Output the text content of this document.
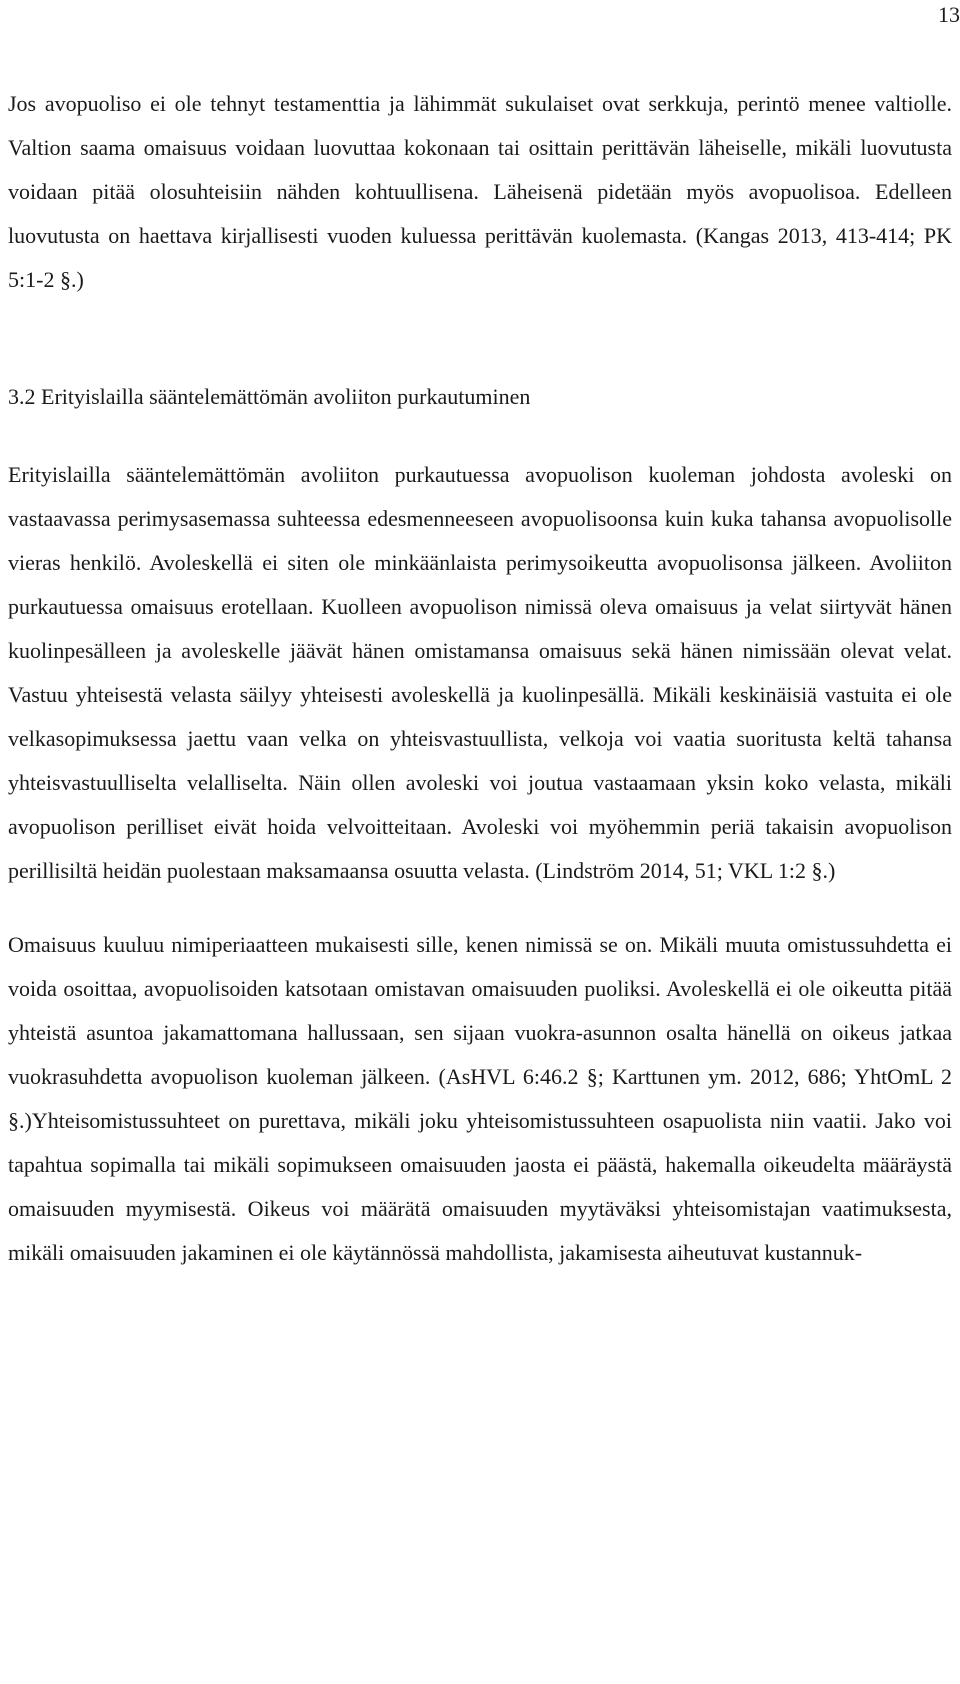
13

Jos avopuoliso ei ole tehnyt testamenttia ja lähimmät sukulaiset ovat serkkuja, perintö menee valtiolle. Valtion saama omaisuus voidaan luovuttaa kokonaan tai osittain perittävän läheiselle, mikäli luovutusta voidaan pitää olosuhteisiin nähden kohtuullisena. Läheisenä pidetään myös avopuolisoa. Edelleen luovutusta on haettava kirjallisesti vuoden kuluessa perittävän kuolemasta. (Kangas 2013, 413-414; PK 5:1-2 §.)

3.2 Erityislailla sääntelemättömän avoliiton purkautuminen

Erityislailla sääntelemättömän avoliiton purkautuessa avopuolison kuoleman johdosta avoleski on vastaavassa perimysasemassa suhteessa edesmenneeseen avopuolisoonsa kuin kuka tahansa avopuolisolle vieras henkilö. Avoleskellä ei siten ole minkäänlaista perimysoikeutta avopuolisonsa jälkeen. Avoliiton purkautuessa omaisuus erotellaan. Kuolleen avopuolison nimissä oleva omaisuus ja velat siirtyvät hänen kuolinpesälleen ja avoleskelle jäävät hänen omistamansa omaisuus sekä hänen nimissään olevat velat. Vastuu yhteisestä velasta säilyy yhteisesti avoleskellä ja kuolinpesällä. Mikäli keskinäisiä vastuita ei ole velkasopimuksessa jaettu vaan velka on yhteisvastuullista, velkoja voi vaatia suoritusta keltä tahansa yhteisvastuulliselta velalliselta. Näin ollen avoleski voi joutua vastaamaan yksin koko velasta, mikäli avopuolison perilliset eivät hoida velvoitteitaan. Avoleski voi myöhemmin periä takaisin avopuolison perillisiltä heidän puolestaan maksamaansa osuutta velasta. (Lindström 2014, 51; VKL 1:2 §.)

Omaisuus kuuluu nimiperiaatteen mukaisesti sille, kenen nimissä se on. Mikäli muuta omistussuhdetta ei voida osoittaa, avopuolisoiden katsotaan omistavan omaisuuden puoliksi. Avoleskellä ei ole oikeutta pitää yhteistä asuntoa jakamattomana hallussaan, sen sijaan vuokra-asunnon osalta hänellä on oikeus jatkaa vuokrasuhdetta avopuolison kuoleman jälkeen. (AsHVL 6:46.2 §; Karttunen ym. 2012, 686; YhtOmL 2 §.)Yhteisomistussuhteet on purettava, mikäli joku yhteisomistussuhteen osapuolista niin vaatii. Jako voi tapahtua sopimalla tai mikäli sopimukseen omaisuuden jaosta ei päästä, hakemalla oikeudelta määräystä omaisuuden myymisestä. Oikeus voi määrätä omaisuuden myytäväksi yhteisomistajan vaatimuksesta, mikäli omaisuuden jakaminen ei ole käytännössä mahdollista, jakamisesta aiheutuvat kustannuk-
